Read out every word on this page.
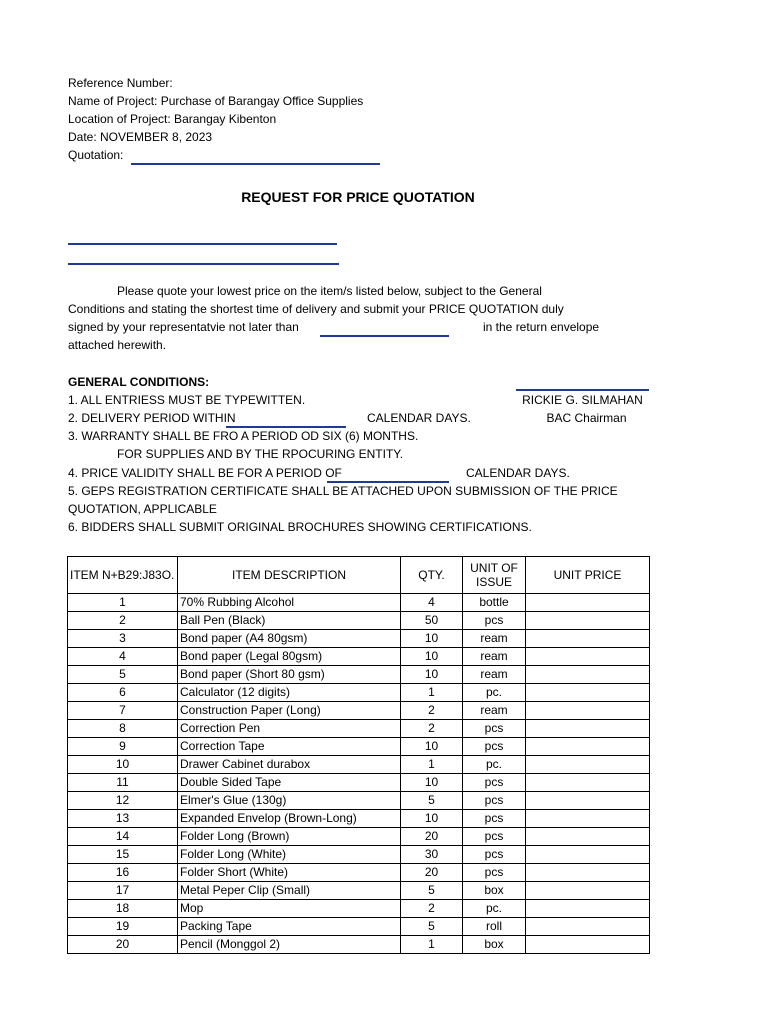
Reference Number:
Name of Project: Purchase of Barangay Office Supplies
Location of Project: Barangay Kibenton
Date: NOVEMBER 8, 2023
Quotation:
REQUEST FOR PRICE QUOTATION
Please quote your lowest price on the item/s listed below, subject to the General
Conditions and stating the shortest time of delivery and submit your PRICE QUOTATION duly
signed by your representatvie not later than	in the return envelope
attached herewith.
GENERAL CONDITIONS:
1. ALL ENTRIESS MUST BE TYPEWITTEN.
2. DELIVERY PERIOD WITHIN	CALENDAR DAYS.
3. WARRANTY SHALL BE FRO A PERIOD OD SIX (6) MONTHS.
FOR SUPPLIES AND BY THE RPOCURING ENTITY.
4. PRICE VALIDITY SHALL BE FOR A PERIOD OF	CALENDAR DAYS.
5. GEPS REGISTRATION CERTIFICATE SHALL BE ATTACHED UPON SUBMISSION OF THE PRICE
QUOTATION, APPLICABLE
6. BIDDERS SHALL SUBMIT ORIGINAL BROCHURES SHOWING CERTIFICATIONS.
RICKIE G. SILMAHAN
BAC Chairman
ITEM N+B29:J83O.	ITEM DESCRIPTION	QTY.	UNIT OF ISSUE	UNIT PRICE
1	70% Rubbing Alcohol	4	bottle	
2	Ball Pen (Black)	50	pcs	
3	Bond paper (A4 80gsm)	10	ream	
4	Bond paper (Legal 80gsm)	10	ream	
5	Bond paper (Short 80 gsm)	10	ream	
6	Calculator (12 digits)	1	pc.	
7	Construction Paper (Long)	2	ream	
8	Correction Pen	2	pcs	
9	Correction Tape	10	pcs	
10	Drawer Cabinet durabox	1	pc.	
11	Double Sided Tape	10	pcs	
12	Elmer's Glue (130g)	5	pcs	
13	Expanded Envelop (Brown-Long)	10	pcs	
14	Folder Long (Brown)	20	pcs	
15	Folder Long (White)	30	pcs	
16	Folder Short (White)	20	pcs	
17	Metal Peper Clip (Small)	5	box	
18	Mop	2	pc.	
19	Packing Tape	5	roll	
20	Pencil (Monggol 2)	1	box	
